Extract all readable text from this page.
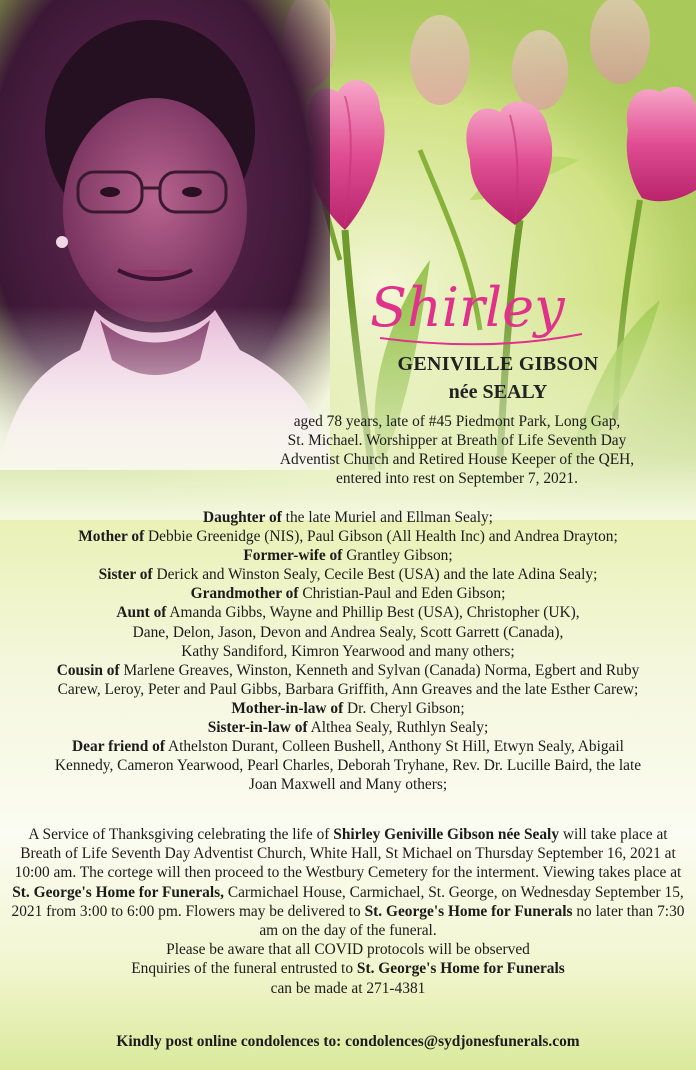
Shirley
GENIVILLE GIBSON
née SEALY
aged 78 years, late of #45 Piedmont Park, Long Gap,
St. Michael. Worshipper at Breath of Life Seventh Day
Adventist Church and Retired House Keeper of the QEH,
entered into rest on September 7, 2021.

Daughter of the late Muriel and Ellman Sealy;

Mother of Debbie Greenidge (NIS), Paul Gibson (All Health Inc) and Andrea Drayton;

Former-wife of Grantley Gibson;

Sister of Derick and Winston Sealy, Cecile Best (USA) and the late Adina Sealy;

Grandmother of Christian-Paul and Eden Gibson;

Aunt of Amanda Gibbs, Wayne and Phillip Best (USA), Christopher (UK),
Dane, Delon, Jason, Devon and Andrea Sealy, Scott Garrett (Canada),
Kathy Sandiford, Kimron Yearwood and many others;

Cousin of Marlene Greaves, Winston, Kenneth and Sylvan (Canada) Norma, Egbert and Ruby
Carew, Leroy, Peter and Paul Gibbs, Barbara Griffith, Ann Greaves and the late Esther Carew;

Mother-in-law of Dr. Cheryl Gibson;

Sister-in-law of Althea Sealy, Ruthlyn Sealy;

Dear friend of Athelston Durant, Colleen Bushell, Anthony St Hill, Etwyn Sealy, Abigail
Kennedy, Cameron Yearwood, Pearl Charles, Deborah Tryhane, Rev. Dr. Lucille Baird, the late
Joan Maxwell and Many others;

A Service of Thanksgiving celebrating the life of Shirley Geniville Gibson née Sealy will take place at Breath of Life Seventh Day Adventist Church, White Hall, St Michael on Thursday September 16, 2021 at 10:00 am. The cortege will then proceed to the Westbury Cemetery for the interment. Viewing takes place at St. George's Home for Funerals, Carmichael House, Carmichael, St. George, on Wednesday September 15, 2021 from 3:00 to 6:00 pm. Flowers may be delivered to St. George's Home for Funerals no later than 7:30 am on the day of the funeral.

Please be aware that all COVID protocols will be observed

Enquiries of the funeral entrusted to St. George's Home for Funerals

can be made at 271-4381

Kindly post online condolences to: condolences@sydjonesfunerals.com
